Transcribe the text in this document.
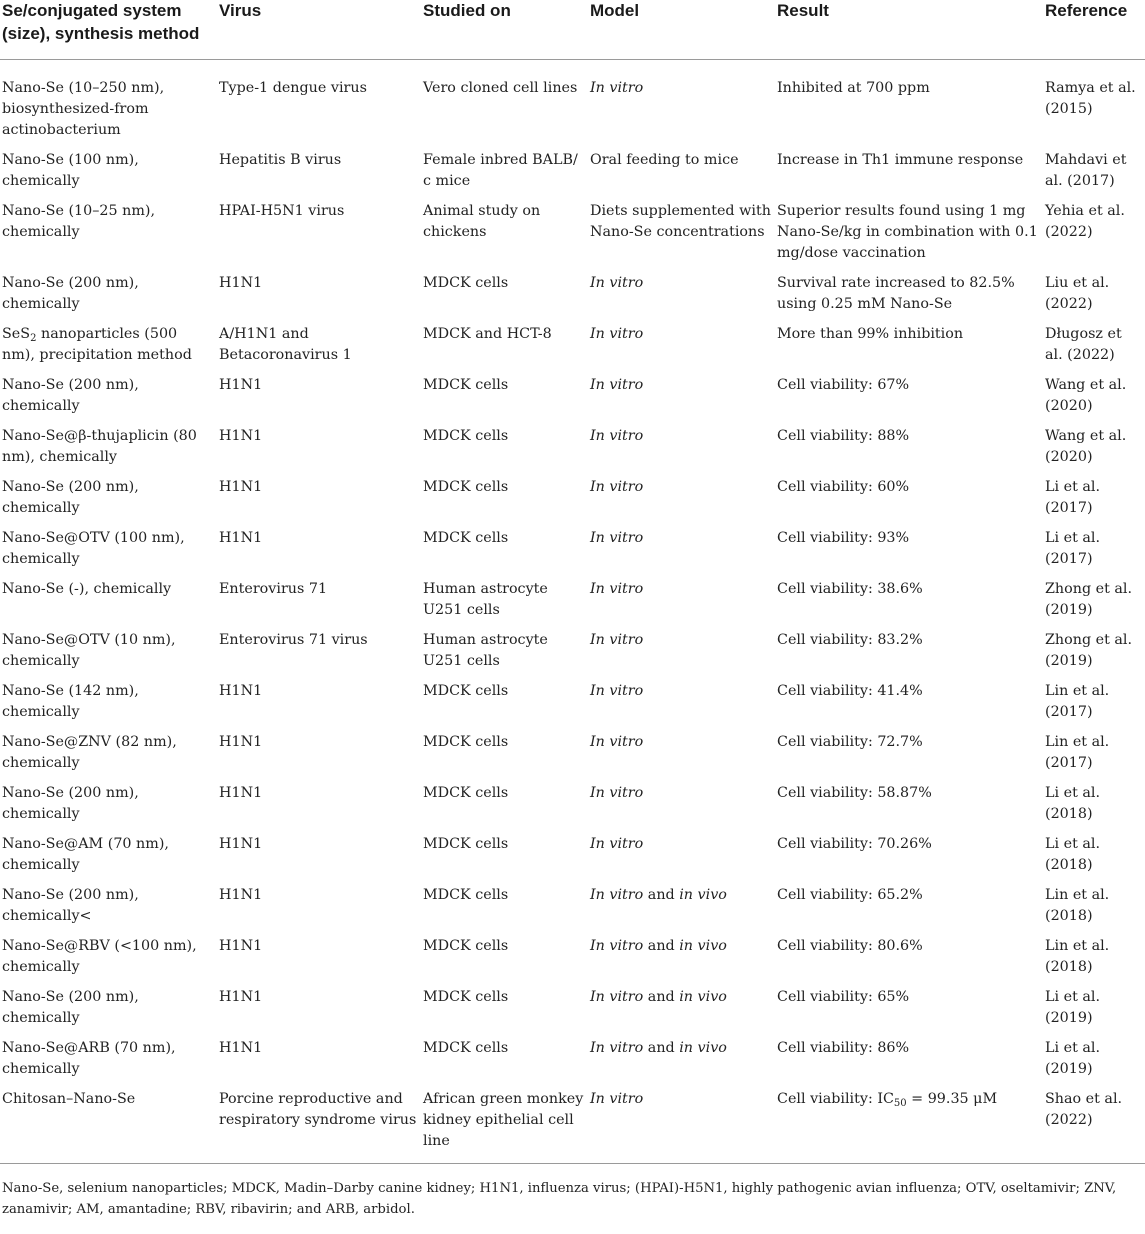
Se/conjugated system (size), synthesis method	Virus	Studied on	Model	Result	Reference
Nano-Se (10–250 nm), biosynthesized-from actinobacterium	Type-1 dengue virus	Vero cloned cell lines	In vitro	Inhibited at 700 ppm	Ramya et al. (2015)
Nano-Se (100 nm), chemically	Hepatitis B virus	Female inbred BALB/ c mice	Oral feeding to mice	Increase in Th1 immune response	Mahdavi et al. (2017)
Nano-Se (10–25 nm), chemically	HPAI-H5N1 virus	Animal study on chickens	Diets supplemented with Nano-Se concentrations	Superior results found using 1 mg Nano-Se/kg in combination with 0.1 mg/dose vaccination	Yehia et al. (2022)
Nano-Se (200 nm), chemically	H1N1	MDCK cells	In vitro	Survival rate increased to 82.5% using 0.25 mM Nano-Se	Liu et al. (2022)
SeS$_2$ nanoparticles (500 nm), precipitation method	A/H1N1 and Betacoronavirus 1	MDCK and HCT-8	In vitro	More than 99% inhibition	Długosz et al. (2022)
Nano-Se (200 nm), chemically	H1N1	MDCK cells	In vitro	Cell viability: 67%	Wang et al. (2020)
Nano-Se@β-thujaplicin (80 nm), chemically	H1N1	MDCK cells	In vitro	Cell viability: 88%	Wang et al. (2020)
Nano-Se (200 nm), chemically	H1N1	MDCK cells	In vitro	Cell viability: 60%	Li et al. (2017)
Nano-Se@OTV (100 nm), chemically	H1N1	MDCK cells	In vitro	Cell viability: 93%	Li et al. (2017)
Nano-Se (-), chemically	Enterovirus 71	Human astrocyte U251 cells	In vitro	Cell viability: 38.6%	Zhong et al. (2019)
Nano-Se@OTV (10 nm), chemically	Enterovirus 71 virus	Human astrocyte U251 cells	In vitro	Cell viability: 83.2%	Zhong et al. (2019)
Nano-Se (142 nm), chemically	H1N1	MDCK cells	In vitro	Cell viability: 41.4%	Lin et al. (2017)
Nano-Se@ZNV (82 nm), chemically	H1N1	MDCK cells	In vitro	Cell viability: 72.7%	Lin et al. (2017)
Nano-Se (200 nm), chemically	H1N1	MDCK cells	In vitro	Cell viability: 58.87%	Li et al. (2018)
Nano-Se@AM (70 nm), chemically	H1N1	MDCK cells	In vitro	Cell viability: 70.26%	Li et al. (2018)
Nano-Se (200 nm), chemically<	H1N1	MDCK cells	In vitro and in vivo	Cell viability: 65.2%	Lin et al. (2018)
Nano-Se@RBV (<100 nm), chemically	H1N1	MDCK cells	In vitro and in vivo	Cell viability: 80.6%	Lin et al. (2018)
Nano-Se (200 nm), chemically	H1N1	MDCK cells	In vitro and in vivo	Cell viability: 65%	Li et al. (2019)
Nano-Se@ARB (70 nm), chemically	H1N1	MDCK cells	In vitro and in vivo	Cell viability: 86%	Li et al. (2019)
Chitosan–Nano-Se	Porcine reproductive and respiratory syndrome virus	African green monkey kidney epithelial cell line	In vitro	Cell viability: $IC_{50} = 99.35$ μM	Shao et al. (2022)
Nano-Se, selenium nanoparticles; MDCK, Madin–Darby canine kidney; H1N1, influenza virus; (HPAI)-H5N1, highly pathogenic avian influenza; OTV, oseltamivir; ZNV, zanamivir; AM, amantadine; RBV, ribavirin; and ARB, arbidol.
